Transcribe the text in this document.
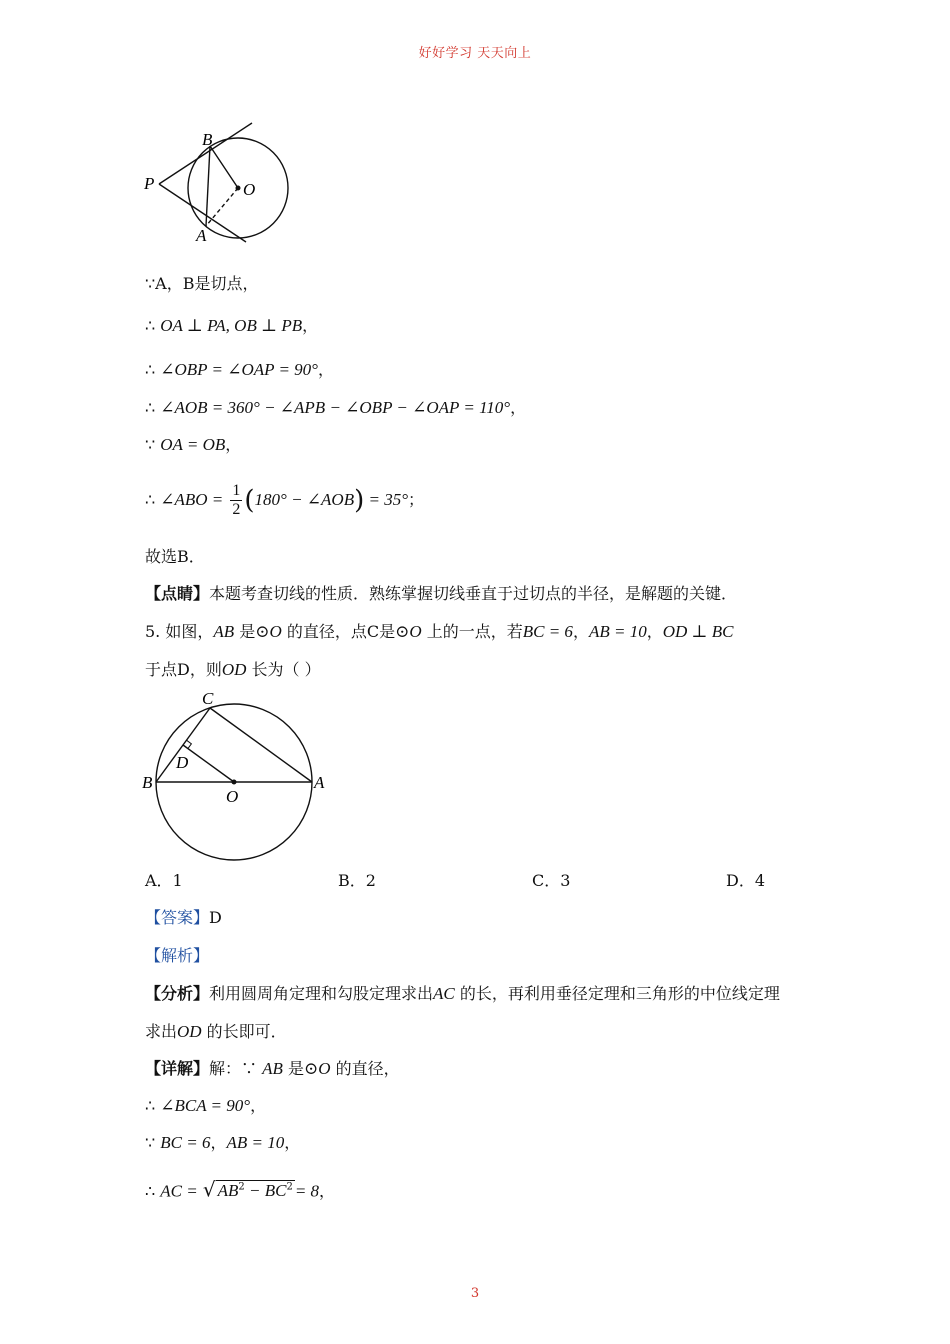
好好学习 天天向上
B
P	O
A
∵A，B是切点，
∴ OA ⊥ PA, OB ⊥ PB，
∴ ∠OBP = ∠OAP = 90°，
∴ ∠AOB = 360° − ∠APB − ∠OBP − ∠OAP = 110°，
∵ OA = OB，
∴ ∠ABO = $\frac{1}{2} (180^\circ$ − ∠AOB) = 35°；
故选B．
【点睛】本题考查切线的性质．熟练掌握切线垂直于过切点的半径，是解题的关键．
5. 如图，AB 是⊙O 的直径，点C是⊙O 上的一点，若BC = 6，AB = 10，OD ⊥ BC
于点D，则OD 长为（ ）
C
D
B
O
A
A．1	B．2	C．3	D．4
【答案】D
【解析】
【分析】利用圆周角定理和勾股定理求出AC 的长，再利用垂径定理和三角形的中位线定理
求出OD 的长即可．
【详解】解：∵ AB 是⊙O 的直径，
∴ ∠BCA = 90°，
∵ BC = 6，AB = 10，
∴ AC = √ $AB^2 - BC^2 = 8$，
3
